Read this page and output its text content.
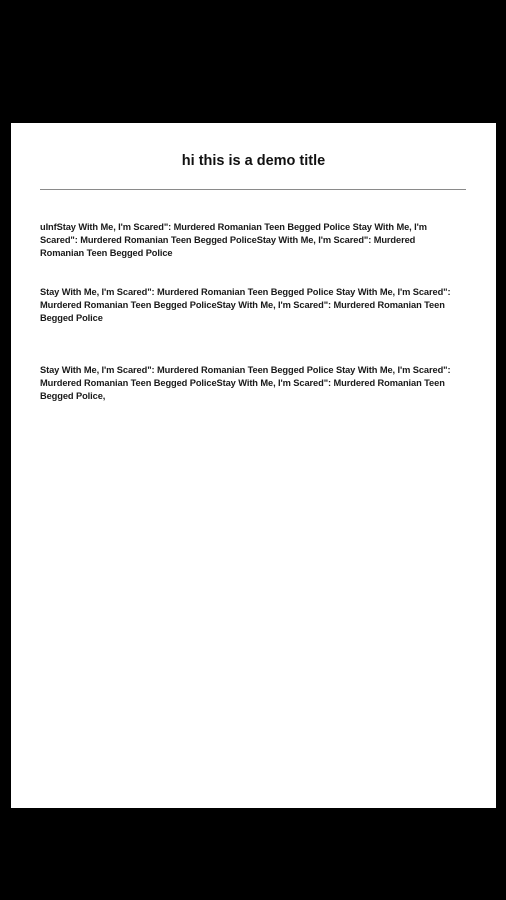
hi this is a demo title

uInfStay With Me, I'm Scared": Murdered Romanian Teen Begged Police Stay With Me, I'm Scared": Murdered Romanian Teen Begged PoliceStay With Me, I'm Scared": Murdered Romanian Teen Begged Police

Stay With Me, I'm Scared": Murdered Romanian Teen Begged Police Stay With Me, I'm Scared": Murdered Romanian Teen Begged PoliceStay With Me, I'm Scared": Murdered Romanian Teen Begged Police

Stay With Me, I'm Scared": Murdered Romanian Teen Begged Police Stay With Me, I'm Scared": Murdered Romanian Teen Begged PoliceStay With Me, I'm Scared": Murdered Romanian Teen Begged Police,
